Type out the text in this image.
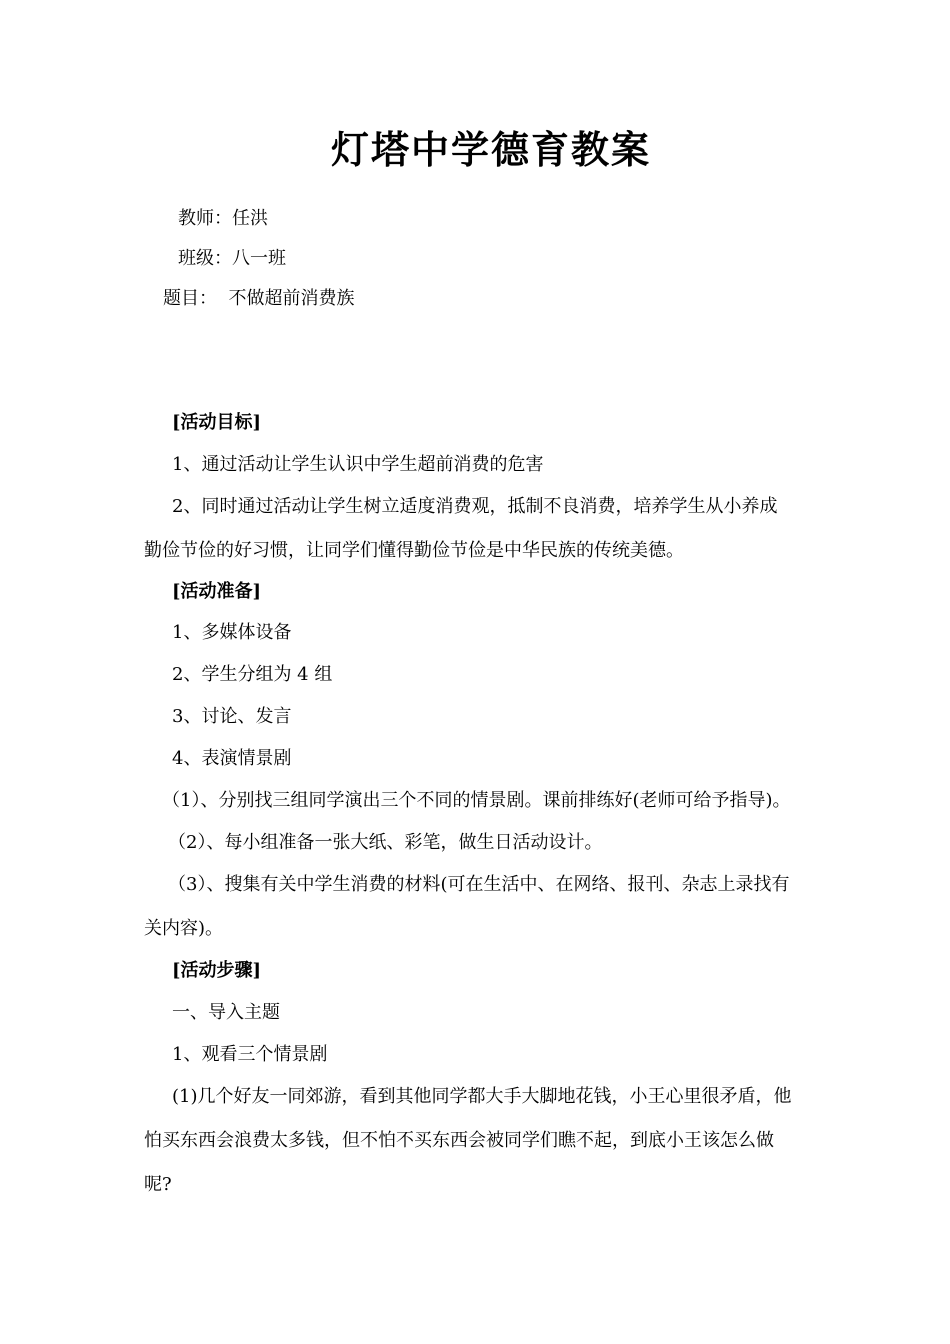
灯塔中学德育教案
教师：任洪
班级：八一班
题目：  不做超前消费族
[活动目标]
1、通过活动让学生认识中学生超前消费的危害
2、同时通过活动让学生树立适度消费观，抵制不良消费，培养学生从小养成
勤俭节俭的好习惯，让同学们懂得勤俭节俭是中华民族的传统美德。
[活动准备]
1、多媒体设备
2、学生分组为 4 组
3、讨论、发言
4、表演情景剧
（1）、分别找三组同学演出三个不同的情景剧。课前排练好(老师可给予指导)。
（2）、每小组准备一张大纸、彩笔，做生日活动设计。
（3）、搜集有关中学生消费的材料(可在生活中、在网络、报刊、杂志上录找有
关内容)。
[活动步骤]
一、导入主题
1、观看三个情景剧
(1)几个好友一同郊游，看到其他同学都大手大脚地花钱，小王心里很矛盾，他
怕买东西会浪费太多钱，但不怕不买东西会被同学们瞧不起，到底小王该怎么做
呢?
